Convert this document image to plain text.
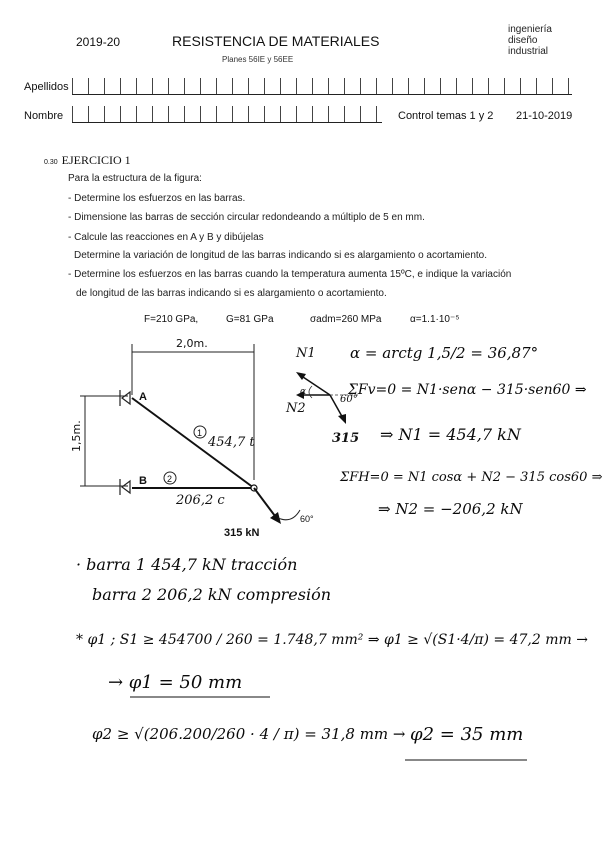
2019-20	RESISTENCIA DE MATERIALES
Planes 56IE y 56EE
ingeniería
diseño
industrial
Apellidos
Nombre	Control temas 1 y 2 21-10-2019
0.30 EJERCICIO 1
Para la estructura de la figura:
- Determine los esfuerzos en las barras.
- Dimensione las barras de sección circular redondeando a múltiplo de 5 en mm.
- Calcule las reacciones en A y B y dibújelas
Determine la variación de longitud de las barras indicando si es alargamiento o acortamiento.
- Determine los esfuerzos en las barras cuando la temperatura aumenta 15ºC, e indique la variación
de longitud de las barras indicando si es alargamiento o acortamiento.
F=210 GPa,	G=81 GPa	σadm=260 MPa	α=1.1·10⁻⁵
2,0m.
1,5m.
A
B
1
2
454,7 t
206,2 c
60°
315 kN
N1
N2
α
60°
315
α = arctg 1,5/2 = 36,87°
ΣFv=0 = N1·senα − 315·sen60 ⇒
⇒ N1 = 454,7 kN
ΣFH=0 = N1 cosα + N2 − 315 cos60 ⇒
⇒ N2 = −206,2 kN
· barra 1 454,7 kN tracción
barra 2 206,2 kN compresión
* φ1 ; S1 ≥ 454700 / 260 = 1.748,7 mm² ⇒ φ1 ≥ √(S1·4/π) = 47,2 mm →
→ φ1 = 50 mm
φ2 ≥ √(206.200/260 · 4 / π) = 31,8 mm → φ2 = 35 mm
